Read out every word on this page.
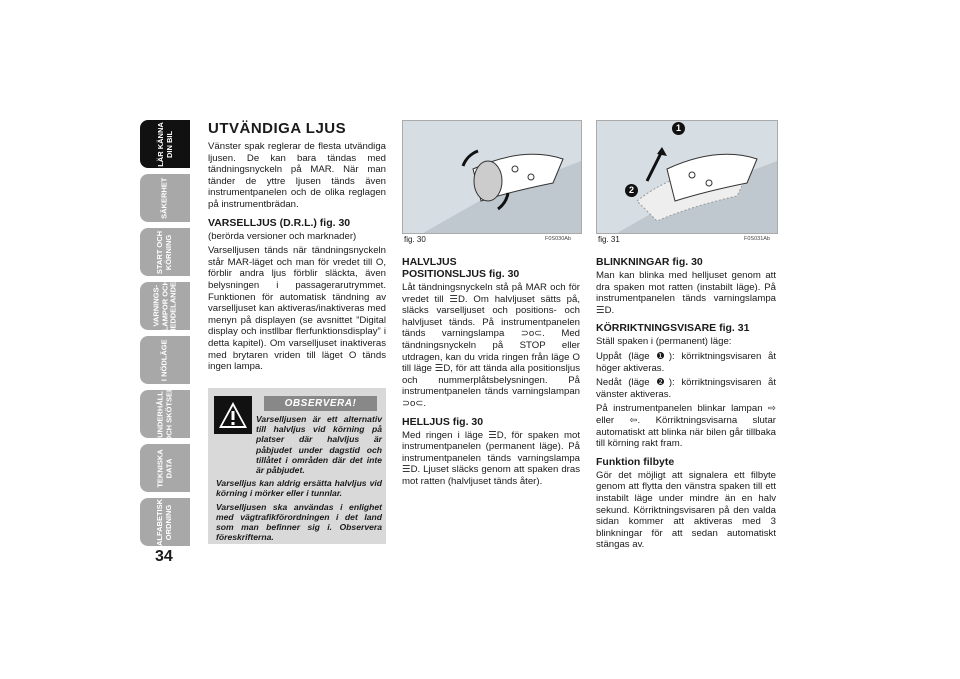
LÄR KÄNNA
DIN BIL
SÄKERHET
START OCH
KÖRNING
VARNINGS-
LAMPOR OCH
MEDDELANDEN
I NÖDLÄGE
UNDERHÅLL
OCH SKÖTSEL
TEKNISKA
DATA
ALFABETISK
ORDNING
34
UTVÄNDIGA LJUS

Vänster spak reglerar de flesta utvändiga ljusen. De kan bara tändas med tändningsnyckeln på MAR. När man tänder de yttre ljusen tänds även instrumentpanelen och de olika reglagen på instrumentbrädan.

VARSELLJUS (D.R.L.) fig. 30

(berörda versioner och marknader)

Varselljusen tänds när tändningsnyckeln står MAR-läget och man för vredet till O, förblir andra ljus förblir släckta, även belysningen i passagerarutrymmet. Funktionen för automatisk tändning av varselljuset kan aktiveras/inaktiveras med menyn på displayen (se avsnittet ”Digital display och instllbar flerfunktionsdisplay” i detta kapitel). Om varselljuset inaktiveras med brytaren vriden till läget O tänds ingen lampa.

OBSERVERA!

Varselljusen är ett alternativ till halvljus vid körning på platser där halvljus är påbjudet under dagstid och tillåtet i områden där det inte är påbjudet.

Varselljus kan aldrig ersätta halvljus vid körning i mörker eller i tunnlar.

Varselljusen ska användas i enlighet med vägtrafikförordningen i det land som man befinner sig i. Observera föreskrifterna.

fig. 30	F0S030Ab
1
2
fig. 31	F0S031Ab
HALVLJUS
POSITIONSLJUS fig. 30

Låt tändningsnyckeln stå på MAR och för vredet till ☰D. Om halvljuset sätts på, släcks varselljuset och positions- och halvljuset tänds. På instrumentpanelen tänds varningslampa ⊃o⊂. Med tändningsnyckeln på STOP eller utdragen, kan du vrida ringen från läge O till läge ☰D, för att tända alla positionsljus och nummerplåtsbelysningen. På instrumentpanelen tänds varningslampan ⊃o⊂.

HELLJUS fig. 30

Med ringen i läge ☰D, för spaken mot instrumentpanelen (permanent läge). På instrumentpanelen tänds varningslampa ☰D. Ljuset släcks genom att spaken dras mot ratten (halvljuset tänds åter).

BLINKNINGAR fig. 30

Man kan blinka med helljuset genom att dra spaken mot ratten (instabilt läge). På instrumentpanelen tänds varningslampa ☰D.

KÖRRIKTNINGSVISARE fig. 31

Ställ spaken i (permanent) läge:

Uppåt (läge ❶): körriktningsvisaren åt höger aktiveras.

Nedåt (läge ❷): körriktningsvisaren åt vänster aktiveras.

På instrumentpanelen blinkar lampan ⇨ eller ⇦. Körriktningsvisarna slutar automatiskt att blinka när bilen går tillbaka till körning rakt fram.

Funktion filbyte

Gör det möjligt att signalera ett filbyte genom att flytta den vänstra spaken till ett instabilt läge under mindre än en halv sekund. Körriktningsvisaren på den valda sidan kommer att aktiveras med 3 blinkningar för att sedan automatiskt stängas av.
